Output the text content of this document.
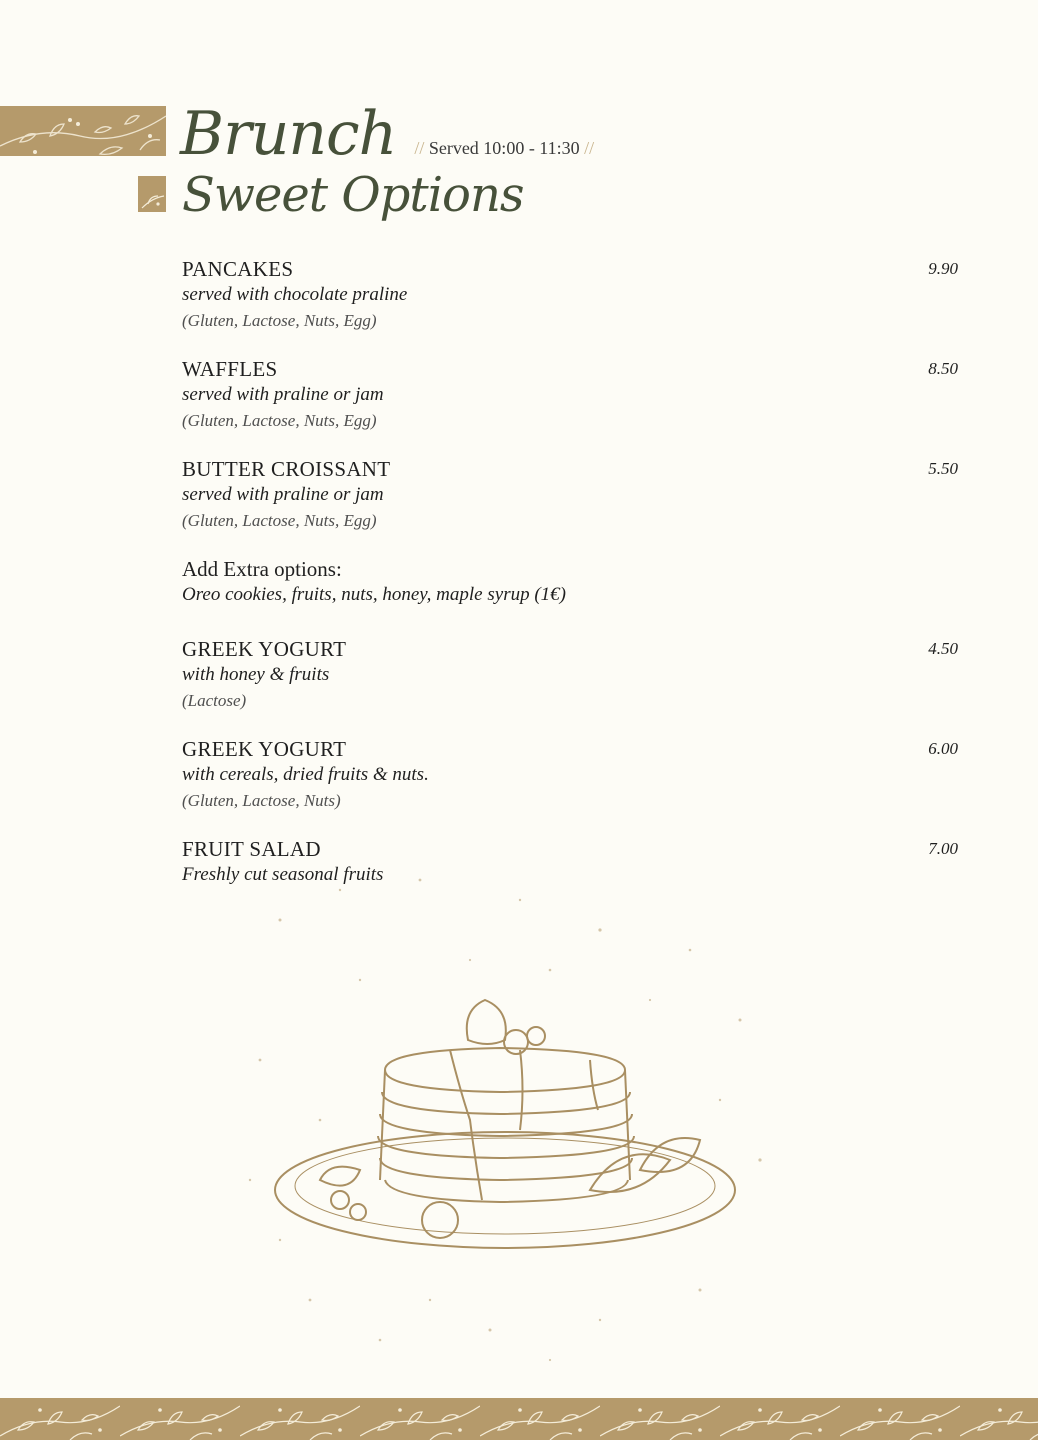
Brunch // Served 10:00 - 11:30 //
Sweet Options
PANCAKES	9.90
served with chocolate praline
(Gluten, Lactose, Nuts, Egg)
WAFFLES	8.50
served with praline or jam
(Gluten, Lactose, Nuts, Egg)
BUTTER CROISSANT	5.50
served with praline or jam
(Gluten, Lactose, Nuts, Egg)
Add Extra options:
Oreo cookies, fruits, nuts, honey, maple syrup (1€)
GREEK YOGURT	4.50
with honey & fruits
(Lactose)
GREEK YOGURT	6.00
with cereals, dried fruits & nuts.
(Gluten, Lactose, Nuts)
FRUIT SALAD	7.00
Freshly cut seasonal fruits
